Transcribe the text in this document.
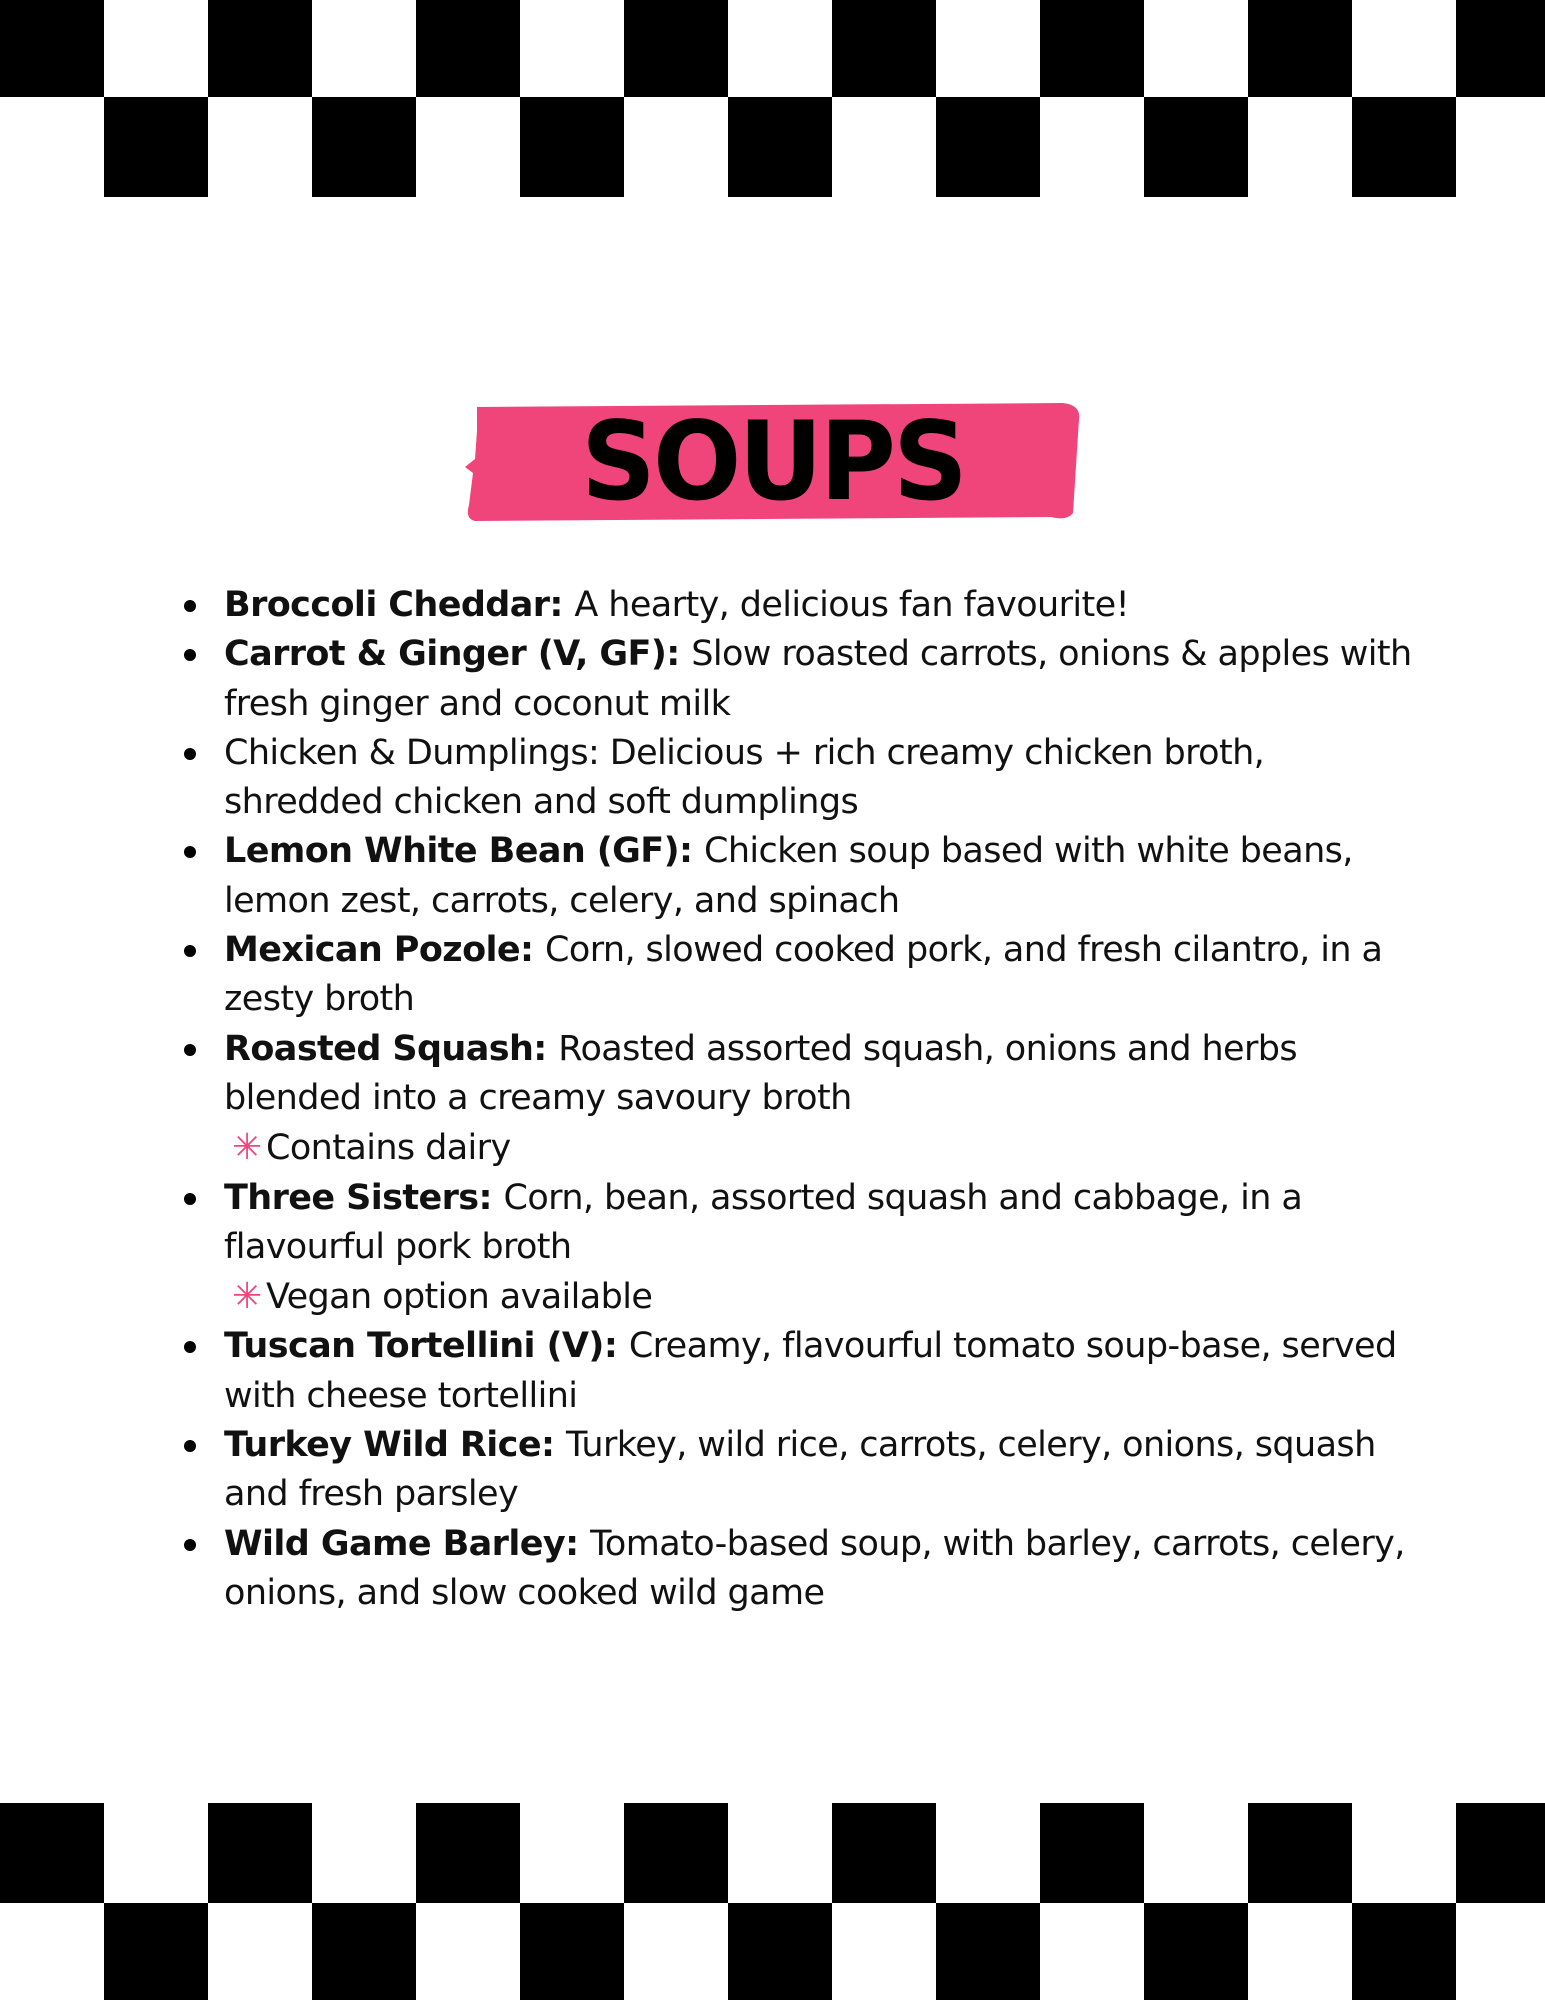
SOUPS
Broccoli Cheddar: A hearty, delicious fan favourite!
Carrot & Ginger (V, GF): Slow roasted carrots, onions & apples with fresh ginger and coconut milk
Chicken & Dumplings: Delicious + rich creamy chicken broth, shredded chicken and soft dumplings
Lemon White Bean (GF): Chicken soup based with white beans, lemon zest, carrots, celery, and spinach
Mexican Pozole: Corn, slowed cooked pork, and fresh cilantro, in a zesty broth
Roasted Squash: Roasted assorted squash, onions and herbs blended into a creamy savoury broth
✳ Contains dairy
Three Sisters: Corn, bean, assorted squash and cabbage, in a flavourful pork broth
✳ Vegan option available
Tuscan Tortellini (V): Creamy, flavourful tomato soup-base, served with cheese tortellini
Turkey Wild Rice: Turkey, wild rice, carrots, celery, onions, squash and fresh parsley
Wild Game Barley: Tomato-based soup, with barley, carrots, celery, onions, and slow cooked wild game
